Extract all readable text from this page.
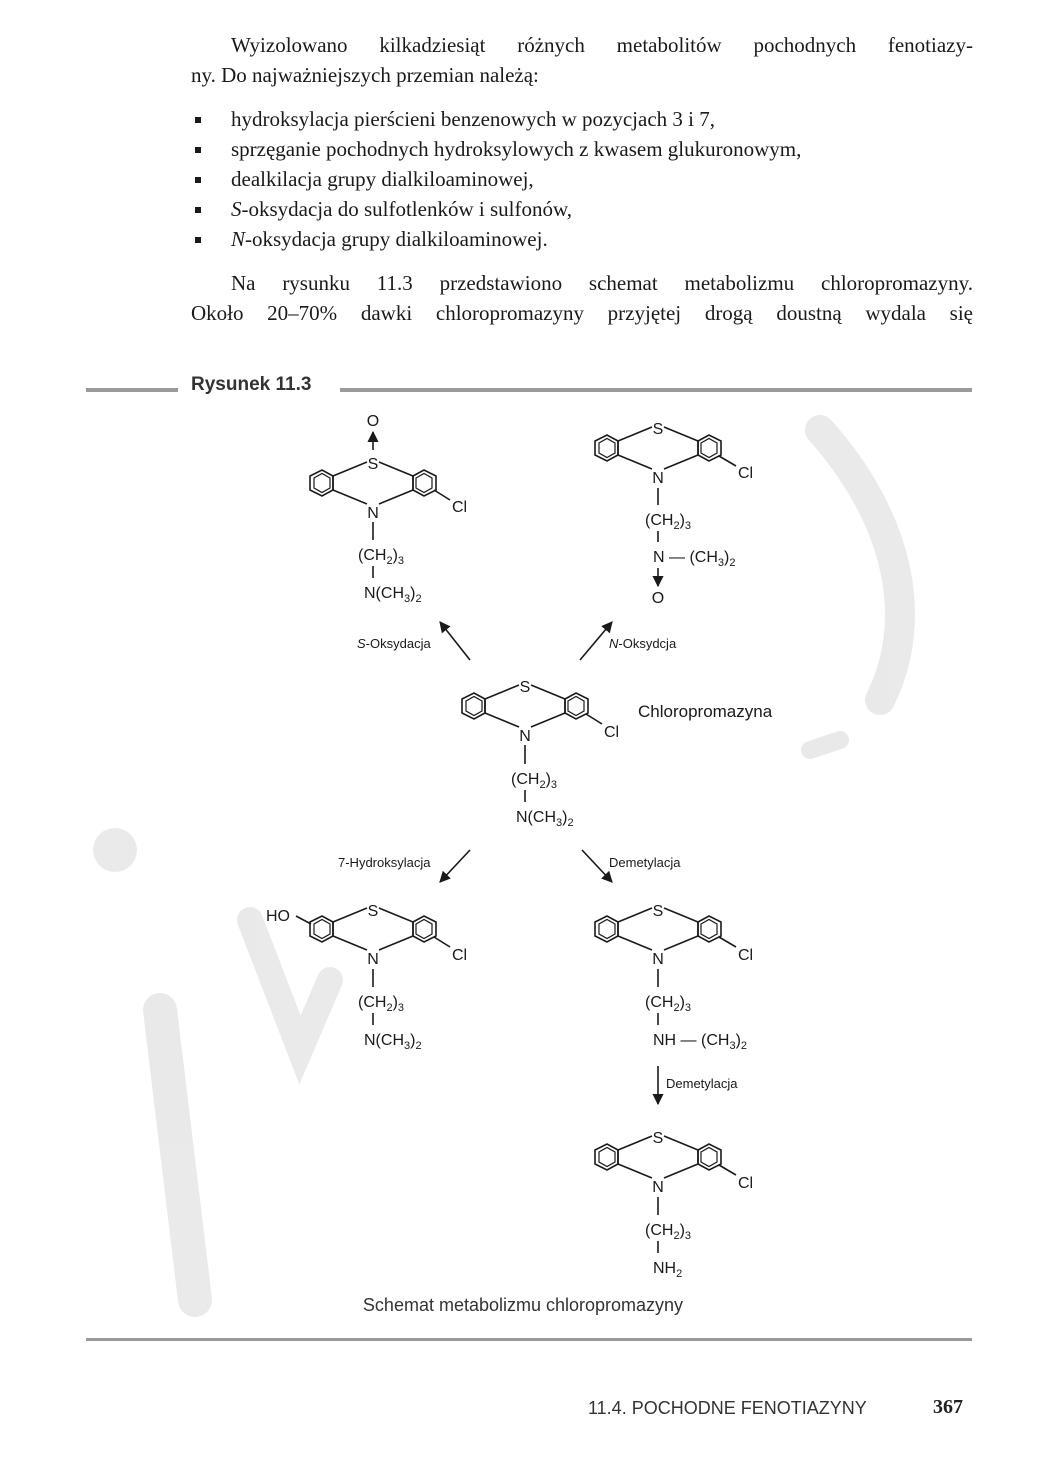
Wyizolowano kilkadziesiąt różnych metabolitów pochodnych fenotiazy-
ny. Do najważniejszych przemian należą:
hydroksylacja pierścieni benzenowych w pozycjach 3 i 7,
sprzęganie pochodnych hydroksylowych z kwasem glukuronowym,
dealkilacja grupy dialkiloaminowej,
S-oksydacja do sulfotlenków i sulfonów,
N-oksydacja grupy dialkiloaminowej.
Na rysunku 11.3 przedstawiono schemat metabolizmu chloropromazyny.
Około 20–70% dawki chloropromazyny przyjętej drogą doustną wydala się
Rysunek 11.3
S
N	Cl
O
$(CH_2)_3$
$N(CH_3)_2$
S
N	Cl
$(CH_2)_3$
N — $(CH_3)_2$
O
S-Oksydacja	N-Oksydcja
S
N	Cl
$(CH_2)_3$
$N(CH_3)_2$
Chloropromazyna
7-Hydroksylacja	Demetylacja
S
N	Cl
HO
$(CH_2)_3$
$N(CH_3)_2$
S
N	Cl
$(CH_2)_3$
NH — $(CH_3)_2$
Demetylacja
S
N	Cl
$(CH_2)_3$
$NH_2$
Schemat metabolizmu chloropromazyny
11.4. POCHODNE FENOTIAZYNY	367
